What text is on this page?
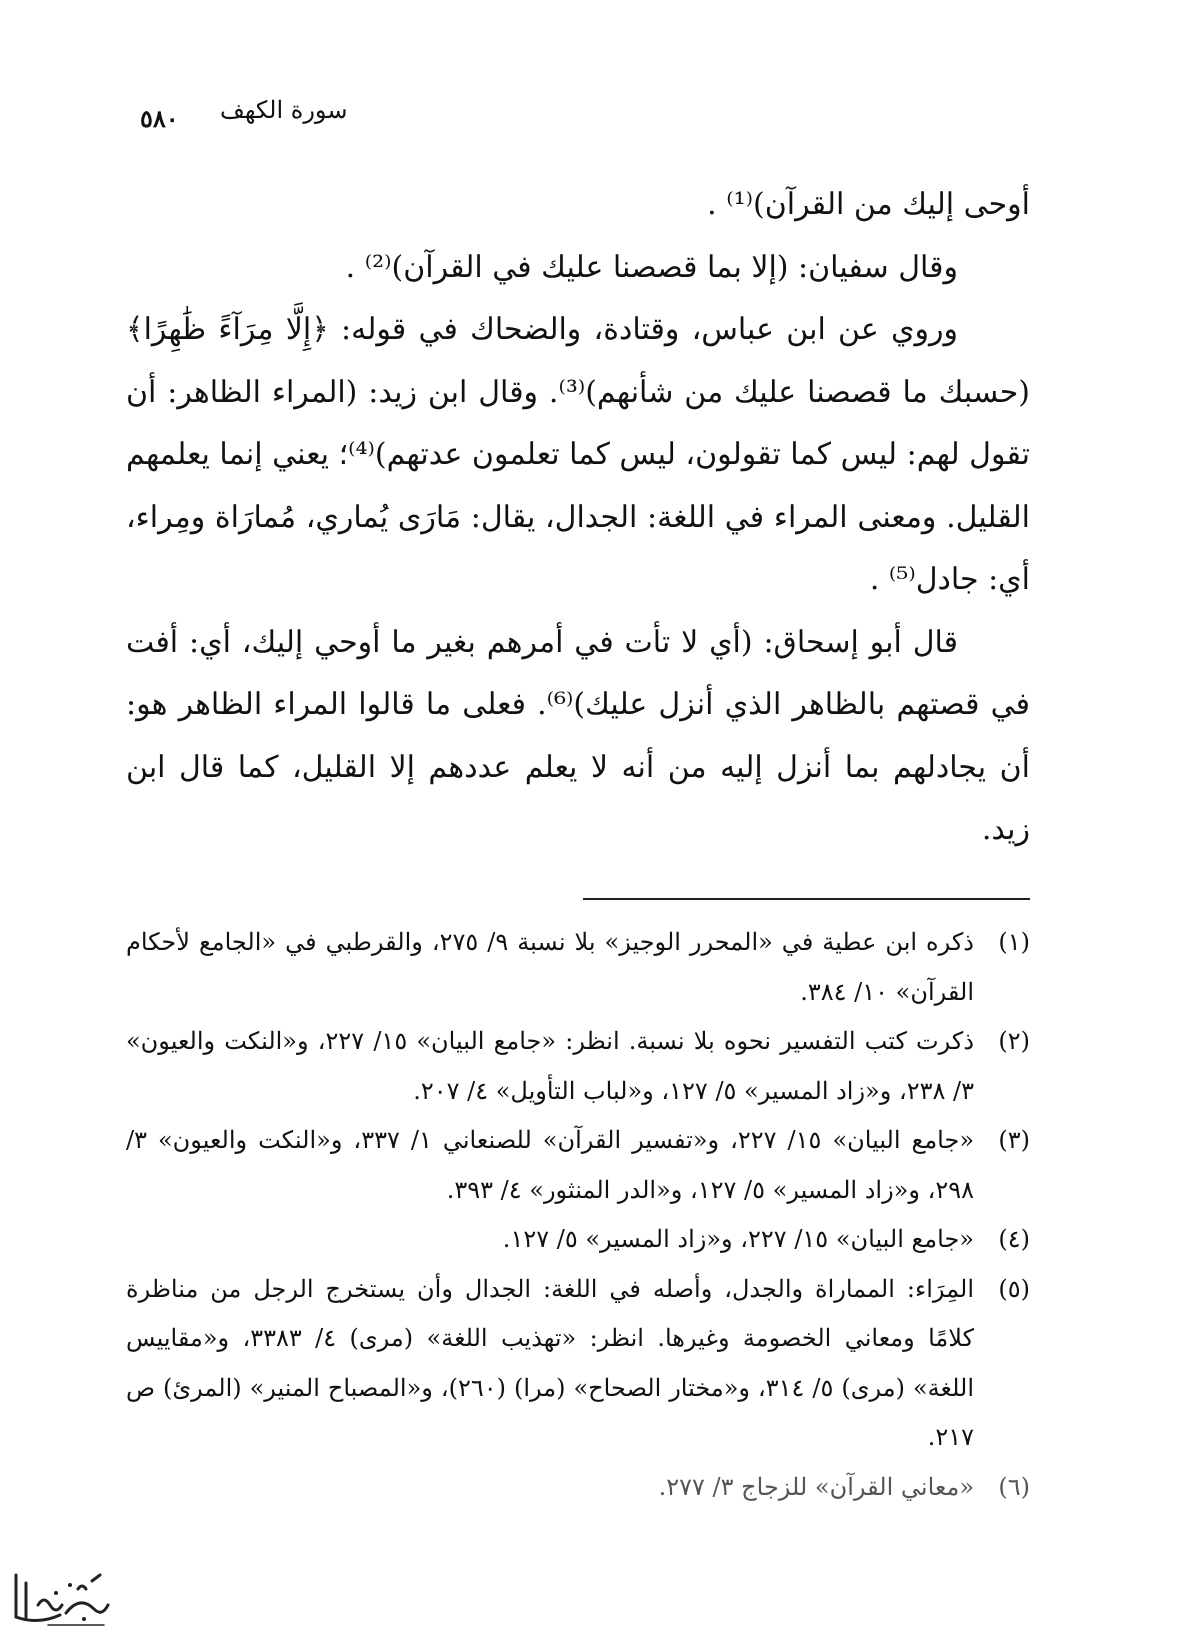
سورة الكهف
٥٨٠

أوحى إليك من القرآن)⁽¹⁾ .

وقال سفيان: (إلا بما قصصنا عليك في القرآن)⁽²⁾ .

وروي عن ابن عباس، وقتادة، والضحاك في قوله: ﴿إِلَّا مِرَآءً ظَٰهِرًا﴾ (حسبك ما قصصنا عليك من شأنهم)⁽³⁾. وقال ابن زيد: (المراء الظاهر: أن تقول لهم: ليس كما تقولون، ليس كما تعلمون عدتهم)⁽⁴⁾؛ يعني إنما يعلمهم القليل. ومعنى المراء في اللغة: الجدال، يقال: مَارَى يُماري، مُمارَاة ومِراء، أي: جادل⁽⁵⁾ .

قال أبو إسحاق: (أي لا تأت في أمرهم بغير ما أوحي إليك، أي: أفت في قصتهم بالظاهر الذي أنزل عليك)⁽⁶⁾. فعلى ما قالوا المراء الظاهر هو: أن يجادلهم بما أنزل إليه من أنه لا يعلم عددهم إلا القليل، كما قال ابن زيد.

(١)
ذكره ابن عطية في «المحرر الوجيز» بلا نسبة ٩/ ٢٧٥، والقرطبي في «الجامع لأحكام القرآن» ١٠/ ٣٨٤.
(٢)
ذكرت كتب التفسير نحوه بلا نسبة. انظر: «جامع البيان» ١٥/ ٢٢٧، و«النكت والعيون» ٣/ ٢٣٨، و«زاد المسير» ٥/ ١٢٧، و«لباب التأويل» ٤/ ٢٠٧.
(٣)
«جامع البيان» ١٥/ ٢٢٧، و«تفسير القرآن» للصنعاني ١/ ٣٣٧، و«النكت والعيون» ٣/ ٢٩٨، و«زاد المسير» ٥/ ١٢٧، و«الدر المنثور» ٤/ ٣٩٣.
(٤)
«جامع البيان» ١٥/ ٢٢٧، و«زاد المسير» ٥/ ١٢٧.
(٥)
المِرَاء: المماراة والجدل، وأصله في اللغة: الجدال وأن يستخرج الرجل من مناظرة كلامًا ومعاني الخصومة وغيرها. انظر: «تهذيب اللغة» (مرى) ٤/ ٣٣٨٣، و«مقاييس اللغة» (مرى) ٥/ ٣١٤، و«مختار الصحاح» (مرا) (٢٦٠)، و«المصباح المنير» (المرئ) ص ٢١٧.
(٦)
«معاني القرآن» للزجاج ٣/ ٢٧٧.
